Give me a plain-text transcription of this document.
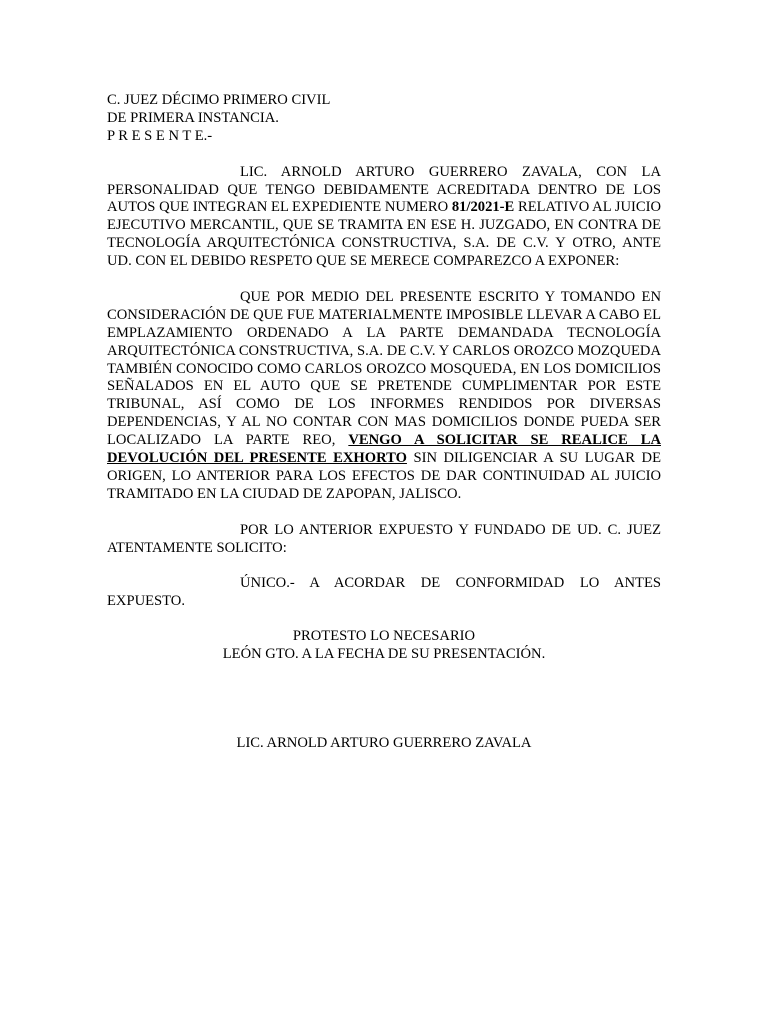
C. JUEZ DÉCIMO PRIMERO CIVIL
DE PRIMERA INSTANCIA.
P R E S E N T E.-

LIC. ARNOLD ARTURO GUERRERO ZAVALA, CON LA PERSONALIDAD QUE TENGO DEBIDAMENTE ACREDITADA DENTRO DE LOS AUTOS QUE INTEGRAN EL EXPEDIENTE NUMERO 81/2021-E RELATIVO AL JUICIO EJECUTIVO MERCANTIL, QUE SE TRAMITA EN ESE H. JUZGADO, EN CONTRA DE TECNOLOGÍA ARQUITECTÓNICA CONSTRUCTIVA, S.A. DE C.V. Y OTRO, ANTE UD. CON EL DEBIDO RESPETO QUE SE MERECE COMPAREZCO A EXPONER:

QUE POR MEDIO DEL PRESENTE ESCRITO Y TOMANDO EN CONSIDERACIÓN DE QUE FUE MATERIALMENTE IMPOSIBLE LLEVAR A CABO EL EMPLAZAMIENTO ORDENADO A LA PARTE DEMANDADA TECNOLOGÍA ARQUITECTÓNICA CONSTRUCTIVA, S.A. DE C.V. Y CARLOS OROZCO MOZQUEDA TAMBIÉN CONOCIDO COMO CARLOS OROZCO MOSQUEDA, EN LOS DOMICILIOS SEÑALADOS EN EL AUTO QUE SE PRETENDE CUMPLIMENTAR POR ESTE TRIBUNAL, ASÍ COMO DE LOS INFORMES RENDIDOS POR DIVERSAS DEPENDENCIAS, Y AL NO CONTAR CON MAS DOMICILIOS DONDE PUEDA SER LOCALIZADO LA PARTE REO, VENGO A SOLICITAR SE REALICE LA DEVOLUCIÓN DEL PRESENTE EXHORTO SIN DILIGENCIAR A SU LUGAR DE ORIGEN, LO ANTERIOR PARA LOS EFECTOS DE DAR CONTINUIDAD AL JUICIO TRAMITADO EN LA CIUDAD DE ZAPOPAN, JALISCO.

POR LO ANTERIOR EXPUESTO Y FUNDADO DE UD. C. JUEZ ATENTAMENTE SOLICITO:

ÚNICO.- A ACORDAR DE CONFORMIDAD LO ANTES EXPUESTO.

PROTESTO LO NECESARIO

LEÓN GTO. A LA FECHA DE SU PRESENTACIÓN.

LIC. ARNOLD ARTURO GUERRERO ZAVALA
